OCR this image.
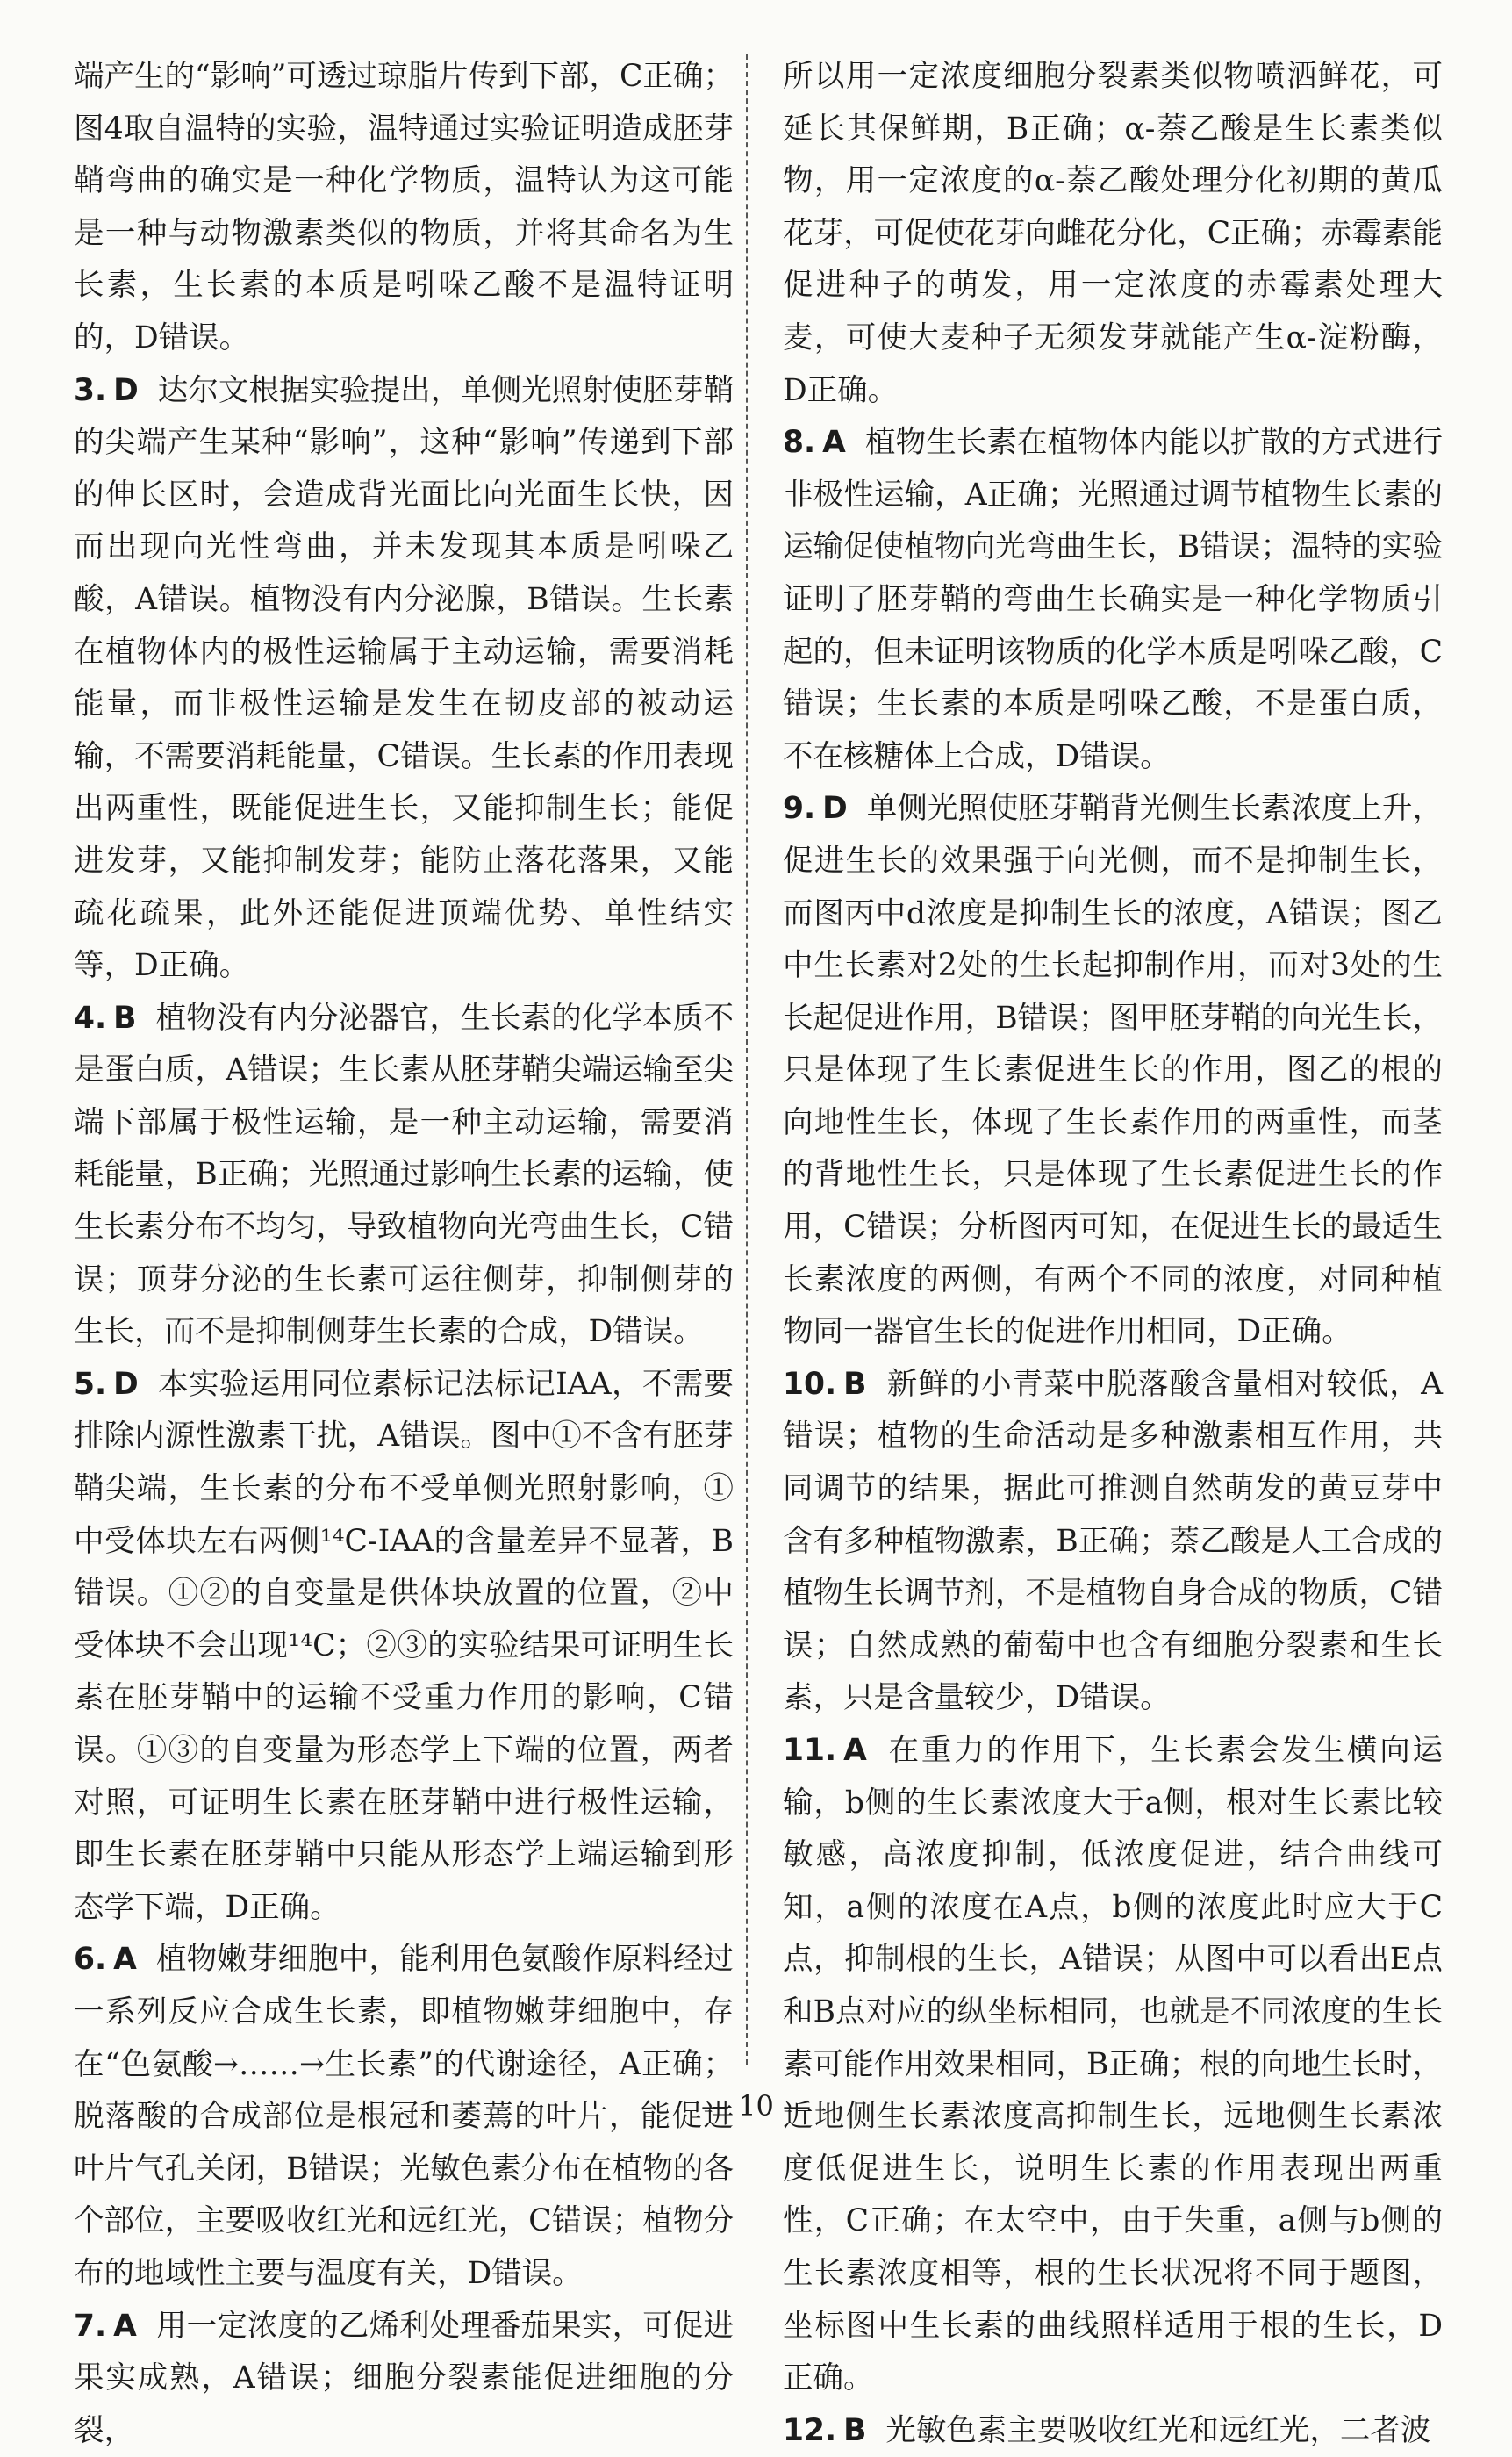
端产生的“影响”可透过琼脂片传到下部，C正确；图4取自温特的实验，温特通过实验证明造成胚芽鞘弯曲的确实是一种化学物质，温特认为这可能是一种与动物激素类似的物质，并将其命名为生长素，生长素的本质是吲哚乙酸不是温特证明的，D错误。

3. D 达尔文根据实验提出，单侧光照射使胚芽鞘的尖端产生某种“影响”，这种“影响”传递到下部的伸长区时，会造成背光面比向光面生长快，因而出现向光性弯曲，并未发现其本质是吲哚乙酸，A错误。植物没有内分泌腺，B错误。生长素在植物体内的极性运输属于主动运输，需要消耗能量，而非极性运输是发生在韧皮部的被动运输，不需要消耗能量，C错误。生长素的作用表现出两重性，既能促进生长，又能抑制生长；能促进发芽，又能抑制发芽；能防止落花落果，又能疏花疏果，此外还能促进顶端优势、单性结实等，D正确。

4. B 植物没有内分泌器官，生长素的化学本质不是蛋白质，A错误；生长素从胚芽鞘尖端运输至尖端下部属于极性运输，是一种主动运输，需要消耗能量，B正确；光照通过影响生长素的运输，使生长素分布不均匀，导致植物向光弯曲生长，C错误；顶芽分泌的生长素可运往侧芽，抑制侧芽的生长，而不是抑制侧芽生长素的合成，D错误。

5. D 本实验运用同位素标记法标记IAA，不需要排除内源性激素干扰，A错误。图中①不含有胚芽鞘尖端，生长素的分布不受单侧光照射影响，①中受体块左右两侧¹⁴C-IAA的含量差异不显著，B错误。①②的自变量是供体块放置的位置，②中受体块不会出现¹⁴C；②③的实验结果可证明生长素在胚芽鞘中的运输不受重力作用的影响，C错误。①③的自变量为形态学上下端的位置，两者对照，可证明生长素在胚芽鞘中进行极性运输，即生长素在胚芽鞘中只能从形态学上端运输到形态学下端，D正确。

6. A 植物嫩芽细胞中，能利用色氨酸作原料经过一系列反应合成生长素，即植物嫩芽细胞中，存在“色氨酸→……→生长素”的代谢途径，A正确；脱落酸的合成部位是根冠和萎蔫的叶片，能促进叶片气孔关闭，B错误；光敏色素分布在植物的各个部位，主要吸收红光和远红光，C错误；植物分布的地域性主要与温度有关，D错误。

7. A 用一定浓度的乙烯利处理番茄果实，可促进果实成熟，A错误；细胞分裂素能促进细胞的分裂，

所以用一定浓度细胞分裂素类似物喷洒鲜花，可延长其保鲜期，B正确；α-萘乙酸是生长素类似物，用一定浓度的α-萘乙酸处理分化初期的黄瓜花芽，可促使花芽向雌花分化，C正确；赤霉素能促进种子的萌发，用一定浓度的赤霉素处理大麦，可使大麦种子无须发芽就能产生α-淀粉酶，D正确。

8. A 植物生长素在植物体内能以扩散的方式进行非极性运输，A正确；光照通过调节植物生长素的运输促使植物向光弯曲生长，B错误；温特的实验证明了胚芽鞘的弯曲生长确实是一种化学物质引起的，但未证明该物质的化学本质是吲哚乙酸，C错误；生长素的本质是吲哚乙酸，不是蛋白质，不在核糖体上合成，D错误。

9. D 单侧光照使胚芽鞘背光侧生长素浓度上升，促进生长的效果强于向光侧，而不是抑制生长，而图丙中d浓度是抑制生长的浓度，A错误；图乙中生长素对2处的生长起抑制作用，而对3处的生长起促进作用，B错误；图甲胚芽鞘的向光生长，只是体现了生长素促进生长的作用，图乙的根的向地性生长，体现了生长素作用的两重性，而茎的背地性生长，只是体现了生长素促进生长的作用，C错误；分析图丙可知，在促进生长的最适生长素浓度的两侧，有两个不同的浓度，对同种植物同一器官生长的促进作用相同，D正确。

10. B 新鲜的小青菜中脱落酸含量相对较低，A错误；植物的生命活动是多种激素相互作用，共同调节的结果，据此可推测自然萌发的黄豆芽中含有多种植物激素，B正确；萘乙酸是人工合成的植物生长调节剂，不是植物自身合成的物质，C错误；自然成熟的葡萄中也含有细胞分裂素和生长素，只是含量较少，D错误。

11. A 在重力的作用下，生长素会发生横向运输，b侧的生长素浓度大于a侧，根对生长素比较敏感，高浓度抑制，低浓度促进，结合曲线可知，a侧的浓度在A点，b侧的浓度此时应大于C点，抑制根的生长，A错误；从图中可以看出E点和B点对应的纵坐标相同，也就是不同浓度的生长素可能作用效果相同，B正确；根的向地生长时，近地侧生长素浓度高抑制生长，远地侧生长素浓度低促进生长，说明生长素的作用表现出两重性，C正确；在太空中，由于失重，a侧与b侧的生长素浓度相等，根的生长状况将不同于题图，坐标图中生长素的曲线照样适用于根的生长，D正确。

12. B 光敏色素主要吸收红光和远红光，二者波

— 10 —
